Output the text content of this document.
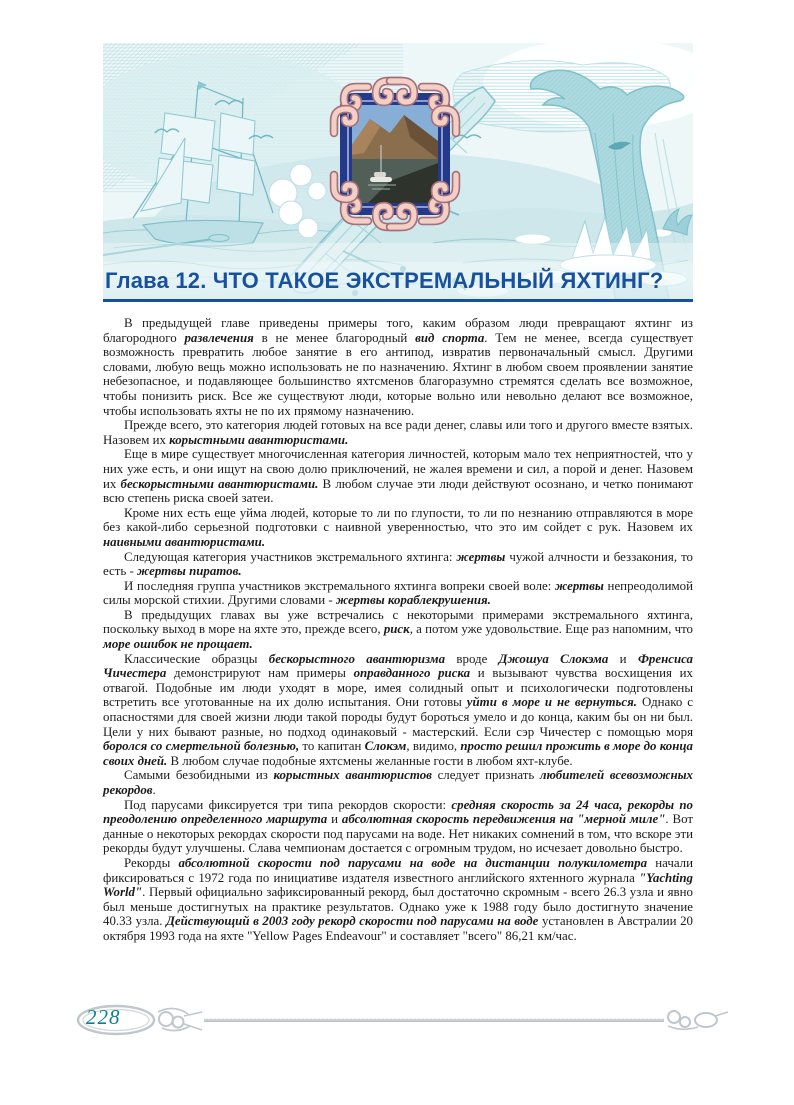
Глава 12. ЧТО ТАКОЕ ЭКСТРЕМАЛЬНЫЙ ЯХТИНГ?

В предыдущей главе приведены примеры того, каким образом люди превращают яхтинг из благородного развлечения в не менее благородный вид спорта. Тем не менее, всегда существует возможность превратить любое занятие в его антипод, извратив первоначальный смысл. Другими словами, любую вещь можно использовать не по назначению. Яхтинг в любом своем проявлении занятие небезопасное, и подавляющее большинство яхтсменов благоразумно стремятся сделать все возможное, чтобы понизить риск. Все же существуют люди, которые вольно или невольно делают все возможное, чтобы использовать яхты не по их прямому назначению.

Прежде всего, это категория людей готовых на все ради денег, славы или того и другого вместе взятых. Назовем их корыстными авантюристами.

Еще в мире существует многочисленная категория личностей, которым мало тех неприятностей, что у них уже есть, и они ищут на свою долю приключений, не жалея времени и сил, а порой и денег. Назовем их бескорыстными авантюристами. В любом случае эти люди действуют осознано, и четко понимают всю степень риска своей затеи.

Кроме них есть еще уйма людей, которые то ли по глупости, то ли по незнанию отправляются в море без какой-либо серьезной подготовки с наивной уверенностью, что это им сойдет с рук. Назовем их наивными авантюристами.

Следующая категория участников экстремального яхтинга: жертвы чужой алчности и беззакония, то есть - жертвы пиратов.

И последняя группа участников экстремального яхтинга вопреки своей воле: жертвы непреодолимой силы морской стихии. Другими словами - жертвы кораблекрушения.

В предыдущих главах вы уже встречались с некоторыми примерами экстремального яхтинга, поскольку выход в море на яхте это, прежде всего, риск, а потом уже удовольствие. Еще раз напомним, что море ошибок не прощает.

Классические образцы бескорыстного авантюризма вроде Джошуа Слокэма и Френсиса Чичестера демонстрируют нам примеры оправданного риска и вызывают чувства восхищения их отвагой. Подобные им люди уходят в море, имея солидный опыт и психологически подготовлены встретить все уготованные на их долю испытания. Они готовы уйти в море и не вернуться. Однако с опасностями для своей жизни люди такой породы будут бороться умело и до конца, каким бы он ни был. Цели у них бывают разные, но подход одинаковый - мастерский. Если сэр Чичестер с помощью моря боролся со смертельной болезнью, то капитан Слокэм, видимо, просто решил прожить в море до конца своих дней. В любом случае подобные яхтсмены желанные гости в любом яхт-клубе.

Самыми безобидными из корыстных авантюристов следует признать любителей всевозможных рекордов.

Под парусами фиксируется три типа рекордов скорости: средняя скорость за 24 часа, рекорды по преодолению определенного маршрута и абсолютная скорость передвижения на "мерной миле". Вот данные о некоторых рекордах скорости под парусами на воде. Нет никаких сомнений в том, что вскоре эти рекорды будут улучшены. Слава чемпионам достается с огромным трудом, но исчезает довольно быстро.

Рекорды абсолютной скорости под парусами на воде на дистанции полукилометра начали фиксироваться с 1972 года по инициативе издателя известного английского яхтенного журнала "Yachting World". Первый официально зафиксированный рекорд, был достаточно скромным - всего 26.3 узла и явно был меньше достигнутых на практике результатов. Однако уже к 1988 году было достигнуто значение 40.33 узла. Действующий в 2003 году рекорд скорости под парусами на воде установлен в Австралии 20 октября 1993 года на яхте "Yellow Pages Endeavour" и составляет "всего" 86,21 км/час.

228
